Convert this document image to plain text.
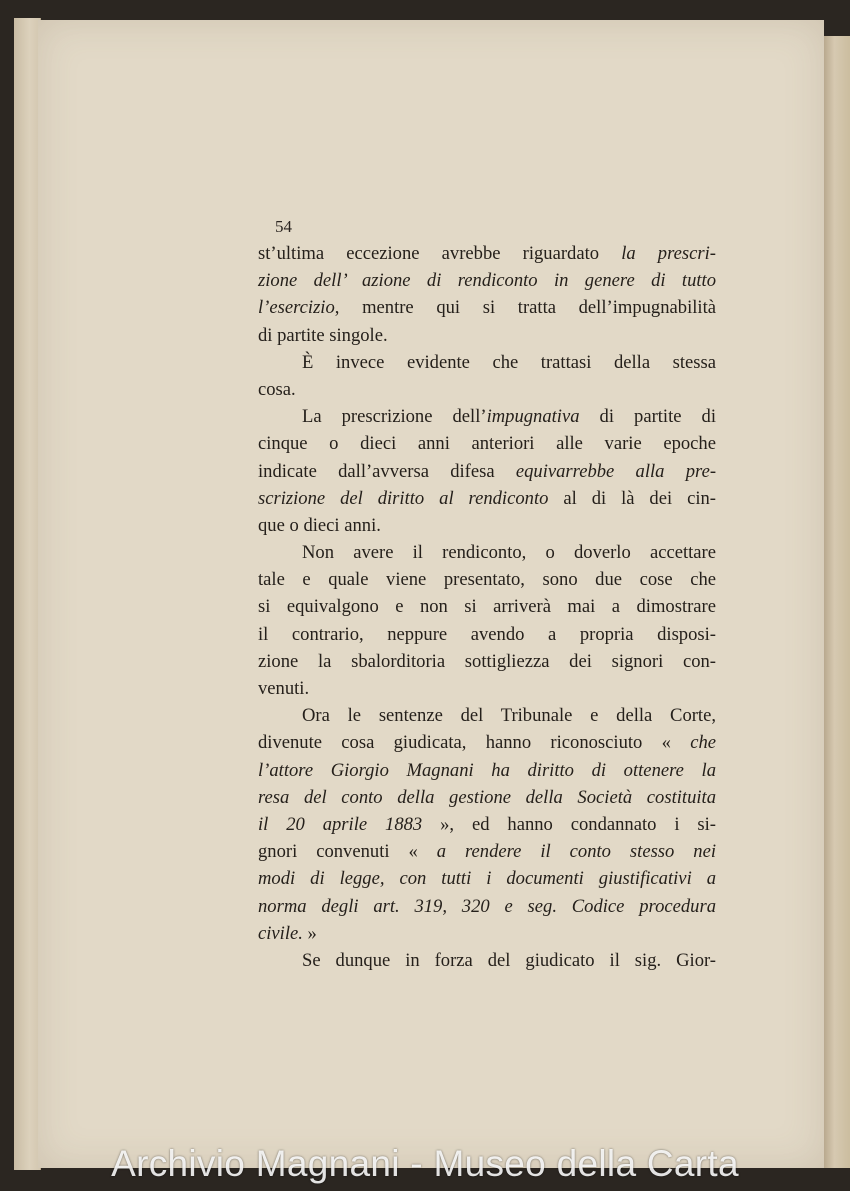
54
st’ultima eccezione avrebbe riguardato la prescri-
zione dell’ azione di rendiconto in genere di tutto
l’esercizio, mentre qui si tratta dell’impugnabilità
di partite singole.
È invece evidente che trattasi della stessa
cosa.
La prescrizione dell’impugnativa di partite di
cinque o dieci anni anteriori alle varie epoche
indicate dall’avversa difesa equivarrebbe alla pre-
scrizione del diritto al rendiconto al di là dei cin-
que o dieci anni.
Non avere il rendiconto, o doverlo accettare
tale e quale viene presentato, sono due cose che
si equivalgono e non si arriverà mai a dimostrare
il contrario, neppure avendo a propria disposi-
zione la sbalorditoria sottigliezza dei signori con-
venuti.
Ora le sentenze del Tribunale e della Corte,
divenute cosa giudicata, hanno riconosciuto « che
l’attore Giorgio Magnani ha diritto di ottenere la
resa del conto della gestione della Società costituita
il 20 aprile 1883 », ed hanno condannato i si-
gnori convenuti « a rendere il conto stesso nei
modi di legge, con tutti i documenti giustificativi a
norma degli art. 319, 320 e seg. Codice procedura
civile. »
Se dunque in forza del giudicato il sig. Gior-
Archivio Magnani - Museo della Carta
